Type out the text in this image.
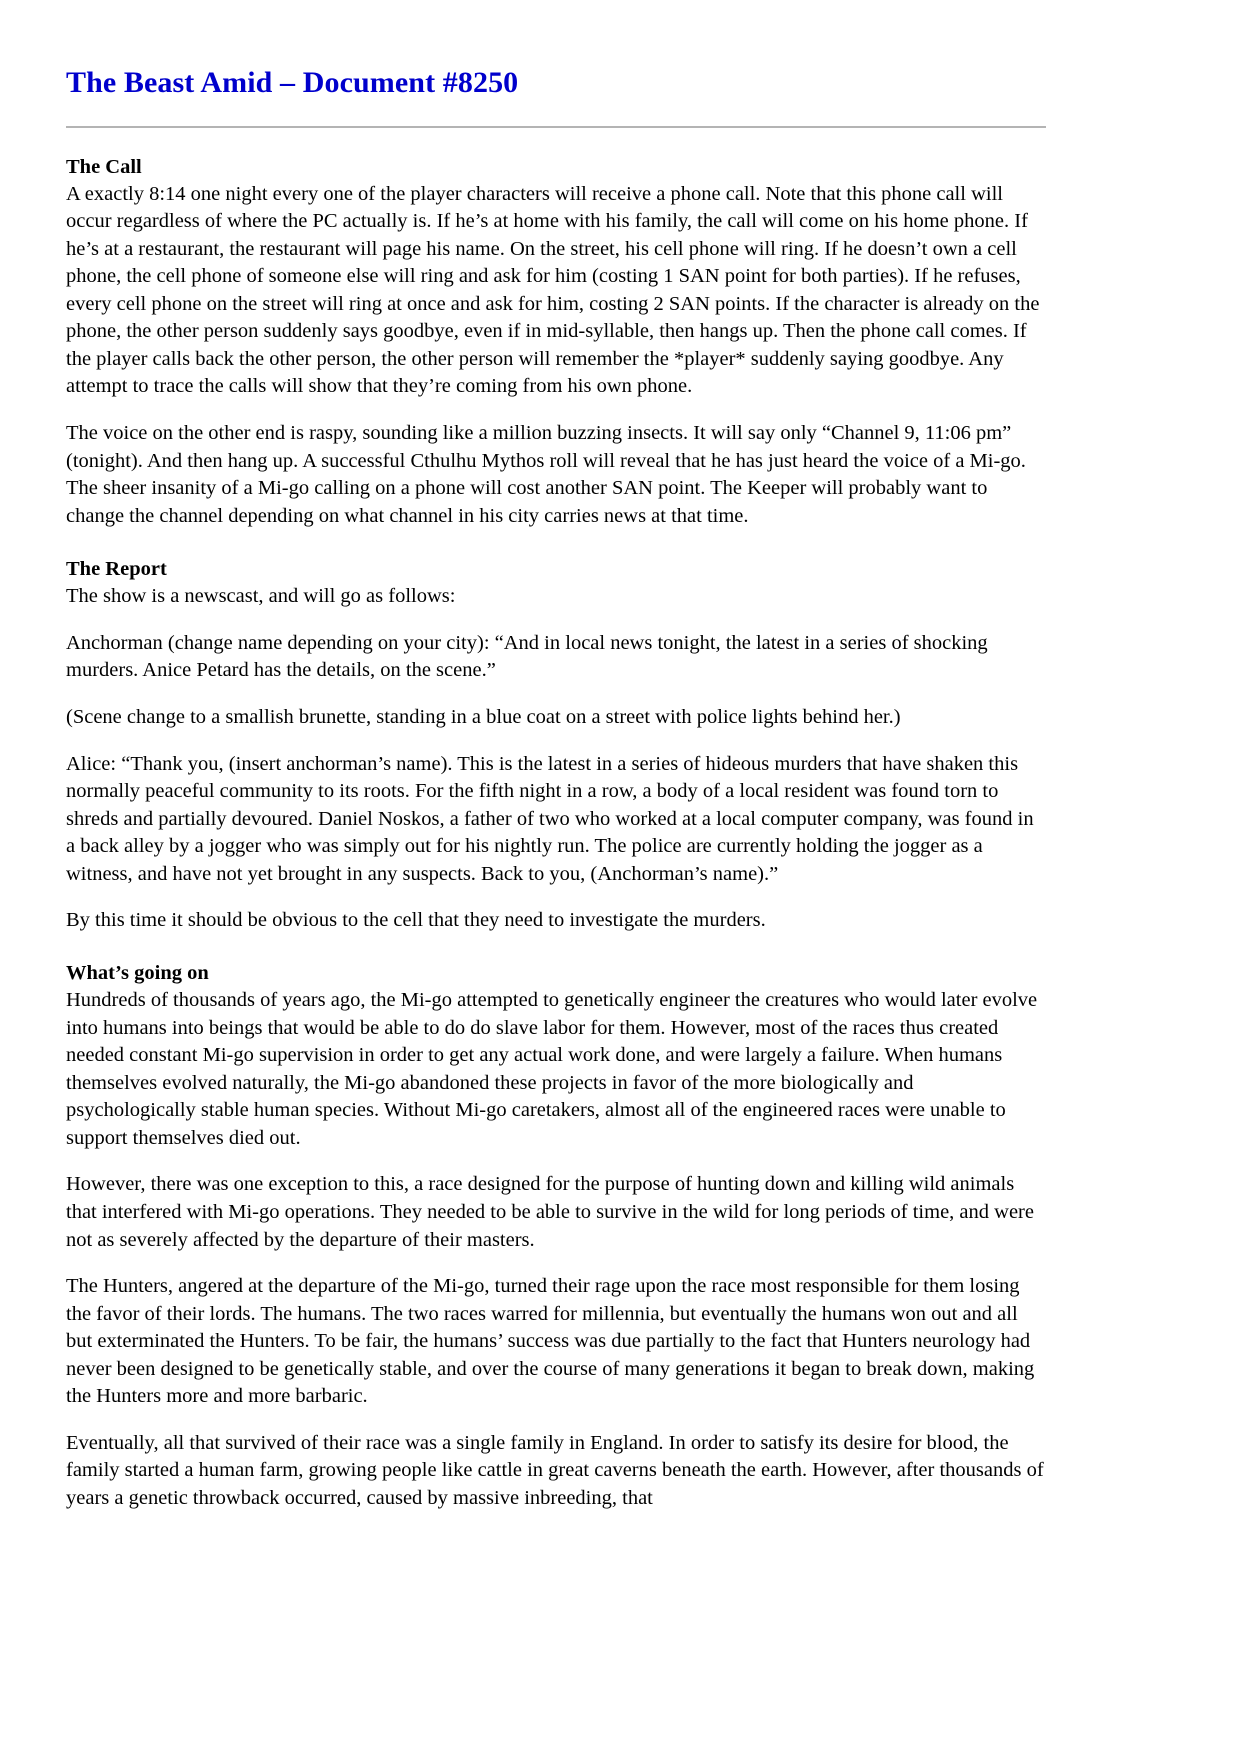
The Beast Amid – Document #8250
The Call

A exactly 8:14 one night every one of the player characters will receive a phone call. Note that this phone call will occur regardless of where the PC actually is. If he’s at home with his family, the call will come on his home phone. If he’s at a restaurant, the restaurant will page his name. On the street, his cell phone will ring. If he doesn’t own a cell phone, the cell phone of someone else will ring and ask for him (costing 1 SAN point for both parties). If he refuses, every cell phone on the street will ring at once and ask for him, costing 2 SAN points. If the character is already on the phone, the other person suddenly says goodbye, even if in mid-syllable, then hangs up. Then the phone call comes. If the player calls back the other person, the other person will remember the *player* suddenly saying goodbye. Any attempt to trace the calls will show that they’re coming from his own phone.

The voice on the other end is raspy, sounding like a million buzzing insects. It will say only “Channel 9, 11:06 pm” (tonight). And then hang up. A successful Cthulhu Mythos roll will reveal that he has just heard the voice of a Mi-go. The sheer insanity of a Mi-go calling on a phone will cost another SAN point. The Keeper will probably want to change the channel depending on what channel in his city carries news at that time.

The Report

The show is a newscast, and will go as follows:

Anchorman (change name depending on your city): “And in local news tonight, the latest in a series of shocking murders. Anice Petard has the details, on the scene.”

(Scene change to a smallish brunette, standing in a blue coat on a street with police lights behind her.)

Alice: “Thank you, (insert anchorman’s name). This is the latest in a series of hideous murders that have shaken this normally peaceful community to its roots. For the fifth night in a row, a body of a local resident was found torn to shreds and partially devoured. Daniel Noskos, a father of two who worked at a local computer company, was found in a back alley by a jogger who was simply out for his nightly run. The police are currently holding the jogger as a witness, and have not yet brought in any suspects. Back to you, (Anchorman’s name).”

By this time it should be obvious to the cell that they need to investigate the murders.

What’s going on

Hundreds of thousands of years ago, the Mi-go attempted to genetically engineer the creatures who would later evolve into humans into beings that would be able to do do slave labor for them. However, most of the races thus created needed constant Mi-go supervision in order to get any actual work done, and were largely a failure. When humans themselves evolved naturally, the Mi-go abandoned these projects in favor of the more biologically and psychologically stable human species. Without Mi-go caretakers, almost all of the engineered races were unable to support themselves died out.

However, there was one exception to this, a race designed for the purpose of hunting down and killing wild animals that interfered with Mi-go operations. They needed to be able to survive in the wild for long periods of time, and were not as severely affected by the departure of their masters.

The Hunters, angered at the departure of the Mi-go, turned their rage upon the race most responsible for them losing the favor of their lords. The humans. The two races warred for millennia, but eventually the humans won out and all but exterminated the Hunters. To be fair, the humans’ success was due partially to the fact that Hunters neurology had never been designed to be genetically stable, and over the course of many generations it began to break down, making the Hunters more and more barbaric.

Eventually, all that survived of their race was a single family in England. In order to satisfy its desire for blood, the family started a human farm, growing people like cattle in great caverns beneath the earth. However, after thousands of years a genetic throwback occurred, caused by massive inbreeding, that
